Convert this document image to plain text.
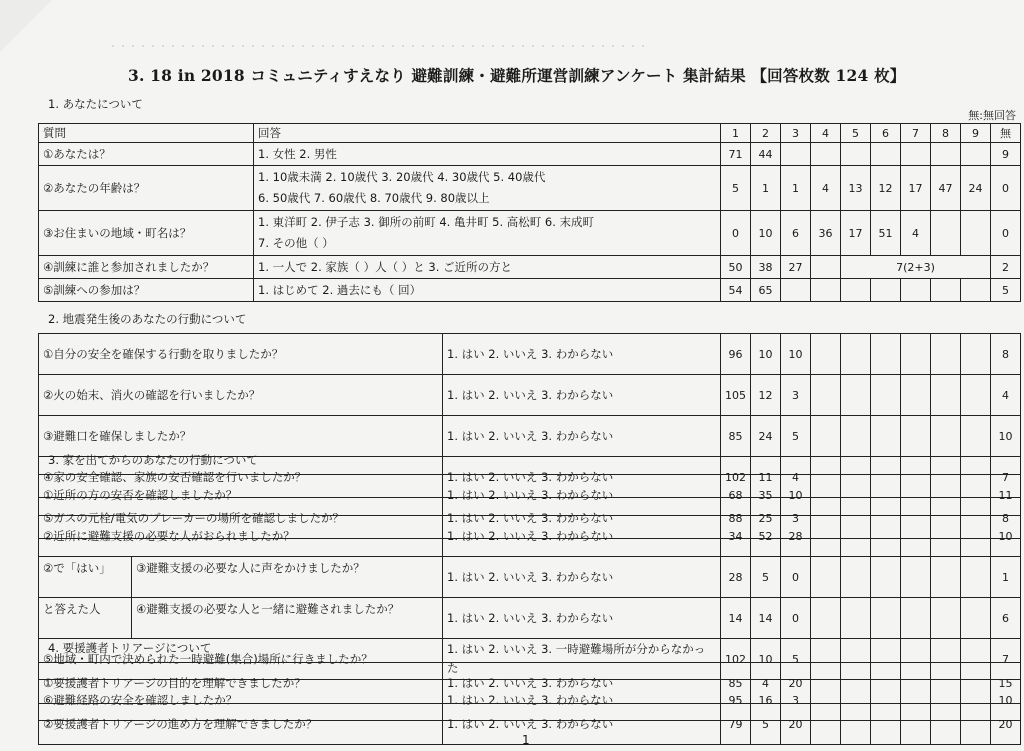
・・・・・・・・・・・・・・・・・・・・・・・・・・・・・・・・・・・・・・・・・・・・・・・・・・・・・・
3. 18 in 2018 コミュニティすえなり 避難訓練・避難所運営訓練アンケート 集計結果 【回答枚数 124 枚】
1. あなたについて
無:無回答
質問	回答	1	2	3	4	5	6	7	8	9	無
①あなたは？	1. 女性 2. 男性	71	44								9
②あなたの年齢は？	1. 10歳未満 2. 10歳代 3. 20歳代 4. 30歳代 5. 40歳代
6. 50歳代 7. 60歳代 8. 70歳代 9. 80歳以上	5	1	1	4	13	12	17	47	24	0
③お住まいの地域・町名は？	1. 東洋町 2. 伊子志 3. 御所の前町 4. 亀井町 5. 高松町 6. 末成町
7. その他（ ）	0	10	6	36	17	51	4			0
④訓練に誰と参加されましたか？	1. 一人で 2. 家族（ ）人（ ）と 3. ご近所の方と	50	38	27		7(2+3)					2
⑤訓練への参加は？	1. はじめて 2. 過去にも（ 回）	54	65								5
2. 地震発生後のあなたの行動について
①自分の安全を確保する行動を取りましたか？	1. はい 2. いいえ 3. わからない	96	10	10							8
②火の始末、消火の確認を行いましたか？	1. はい 2. いいえ 3. わからない	105	12	3							4
③避難口を確保しましたか？	1. はい 2. いいえ 3. わからない	85	24	5							10
④家の安全確認、家族の安否確認を行いましたか？	1. はい 2. いいえ 3. わからない	102	11	4							7
⑤ガスの元栓/電気のブレーカーの場所を確認しましたか？	1. はい 2. いいえ 3. わからない	88	25	3							8
3. 家を出てからのあなたの行動について
①近所の方の安否を確認しましたか？	1. はい 2. いいえ 3. わからない	68	35	10							11
②近所に避難支援の必要な人がおられましたか？	1. はい 2. いいえ 3. わからない	34	52	28							10

②で「はい」 ③避難支援の必要な人に声をかけましたか？	1. はい 2. いいえ 3. わからない	28	5	0							1

と答えた人 ④避難支援の必要な人と一緒に避難されましたか？	1. はい 2. いいえ 3. わからない	14	14	0							6
⑤地域・町内で決められた一時避難(集合)場所に行きましたか？	1. はい 2. いいえ 3. 一時避難場所が分からなかった	102	10	5							7
⑥避難経路の安全を確認しましたか？	1. はい 2. いいえ 3. わからない	95	16	3							10
4. 要援護者トリアージについて
①要援護者トリアージの目的を理解できましたか？	1. はい 2. いいえ 3. わからない	85	4	20							15
②要援護者トリアージの進め方を理解できましたか？	1. はい 2. いいえ 3. わからない	79	5	20							20
1
